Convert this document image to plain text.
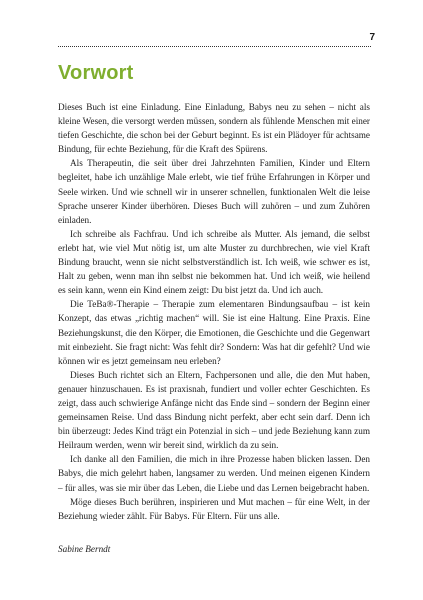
7
Vorwort

Dieses Buch ist eine Einladung. Eine Einladung, Babys neu zu sehen – nicht als kleine Wesen, die versorgt werden müssen, sondern als fühlende Menschen mit einer tiefen Geschichte, die schon bei der Geburt beginnt. Es ist ein Plädoyer für achtsame Bindung, für echte Beziehung, für die Kraft des Spürens.

Als Therapeutin, die seit über drei Jahrzehnten Familien, Kinder und Eltern begleitet, habe ich unzählige Male erlebt, wie tief frühe Erfahrungen in Körper und Seele wirken. Und wie schnell wir in unserer schnellen, funktionalen Welt die leise Sprache unserer Kinder überhören. Dieses Buch will zuhören – und zum Zuhören einladen.

Ich schreibe als Fachfrau. Und ich schreibe als Mutter. Als jemand, die selbst erlebt hat, wie viel Mut nötig ist, um alte Muster zu durchbrechen, wie viel Kraft Bindung braucht, wenn sie nicht selbstverständlich ist. Ich weiß, wie schwer es ist, Halt zu geben, wenn man ihn selbst nie bekommen hat. Und ich weiß, wie heilend es sein kann, wenn ein Kind einem zeigt: Du bist jetzt da. Und ich auch.

Die TeBa®-Therapie – Therapie zum elementaren Bindungsaufbau – ist kein Konzept, das etwas „richtig machen“ will. Sie ist eine Haltung. Eine Praxis. Eine Beziehungskunst, die den Körper, die Emotionen, die Geschichte und die Gegenwart mit einbezieht. Sie fragt nicht: Was fehlt dir? Sondern: Was hat dir gefehlt? Und wie können wir es jetzt gemeinsam neu erleben?

Dieses Buch richtet sich an Eltern, Fachpersonen und alle, die den Mut haben, genauer hinzuschauen. Es ist praxisnah, fundiert und voller echter Geschichten. Es zeigt, dass auch schwierige Anfänge nicht das Ende sind – sondern der Beginn einer gemeinsamen Reise. Und dass Bindung nicht perfekt, aber echt sein darf. Denn ich bin überzeugt: Jedes Kind trägt ein Potenzial in sich – und jede Beziehung kann zum Heilraum werden, wenn wir bereit sind, wirklich da zu sein.

Ich danke all den Familien, die mich in ihre Prozesse haben blicken lassen. Den Babys, die mich gelehrt haben, langsamer zu werden. Und meinen eigenen Kindern – für alles, was sie mir über das Leben, die Liebe und das Lernen beigebracht haben.

Möge dieses Buch berühren, inspirieren und Mut machen – für eine Welt, in der Beziehung wieder zählt. Für Babys. Für Eltern. Für uns alle.

Sabine Berndt
